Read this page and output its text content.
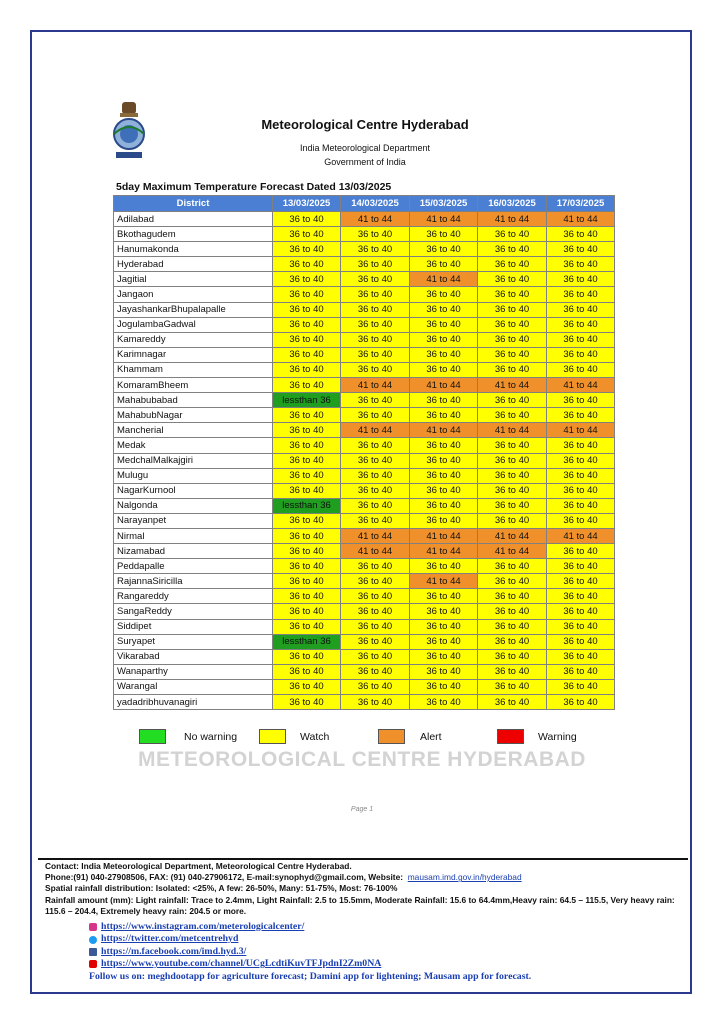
Meteorological Centre Hyderabad
India Meteorological Department
Government of India
5day Maximum Temperature Forecast Dated 13/03/2025
District	13/03/2025	14/03/2025	15/03/2025	16/03/2025	17/03/2025
Adilabad	36 to 40	41 to 44	41 to 44	41 to 44	41 to 44
Bkothagudem	36 to 40	36 to 40	36 to 40	36 to 40	36 to 40
Hanumakonda	36 to 40	36 to 40	36 to 40	36 to 40	36 to 40
Hyderabad	36 to 40	36 to 40	36 to 40	36 to 40	36 to 40
Jagitial	36 to 40	36 to 40	41 to 44	36 to 40	36 to 40
Jangaon	36 to 40	36 to 40	36 to 40	36 to 40	36 to 40
JayashankarBhupalapalle	36 to 40	36 to 40	36 to 40	36 to 40	36 to 40
JogulambaGadwal	36 to 40	36 to 40	36 to 40	36 to 40	36 to 40
Kamareddy	36 to 40	36 to 40	36 to 40	36 to 40	36 to 40
Karimnagar	36 to 40	36 to 40	36 to 40	36 to 40	36 to 40
Khammam	36 to 40	36 to 40	36 to 40	36 to 40	36 to 40
KomaramBheem	36 to 40	41 to 44	41 to 44	41 to 44	41 to 44
Mahabubabad	lessthan 36	36 to 40	36 to 40	36 to 40	36 to 40
MahabubNagar	36 to 40	36 to 40	36 to 40	36 to 40	36 to 40
Mancherial	36 to 40	41 to 44	41 to 44	41 to 44	41 to 44
Medak	36 to 40	36 to 40	36 to 40	36 to 40	36 to 40
MedchalMalkajgiri	36 to 40	36 to 40	36 to 40	36 to 40	36 to 40
Mulugu	36 to 40	36 to 40	36 to 40	36 to 40	36 to 40
NagarKurnool	36 to 40	36 to 40	36 to 40	36 to 40	36 to 40
Nalgonda	lessthan 36	36 to 40	36 to 40	36 to 40	36 to 40
Narayanpet	36 to 40	36 to 40	36 to 40	36 to 40	36 to 40
Nirmal	36 to 40	41 to 44	41 to 44	41 to 44	41 to 44
Nizamabad	36 to 40	41 to 44	41 to 44	41 to 44	36 to 40
Peddapalle	36 to 40	36 to 40	36 to 40	36 to 40	36 to 40
RajannaSiricilla	36 to 40	36 to 40	41 to 44	36 to 40	36 to 40
Rangareddy	36 to 40	36 to 40	36 to 40	36 to 40	36 to 40
SangaReddy	36 to 40	36 to 40	36 to 40	36 to 40	36 to 40
Siddipet	36 to 40	36 to 40	36 to 40	36 to 40	36 to 40
Suryapet	lessthan 36	36 to 40	36 to 40	36 to 40	36 to 40
Vikarabad	36 to 40	36 to 40	36 to 40	36 to 40	36 to 40
Wanaparthy	36 to 40	36 to 40	36 to 40	36 to 40	36 to 40
Warangal	36 to 40	36 to 40	36 to 40	36 to 40	36 to 40
yadadribhuvanagiri	36 to 40	36 to 40	36 to 40	36 to 40	36 to 40
No warning	Watch	Alert	Warning
METEOROLOGICAL CENTRE HYDERABAD
Page 1
Contact: India Meteorological Department, Meteorological Centre Hyderabad.
Phone:(91) 040-27908506, FAX: (91) 040-27906172, E-mail:synophyd@gmail.com, Website: mausam.imd.gov.in/hyderabad
Spatial rainfall distribution: Isolated: <25%, A few: 26-50%, Many: 51-75%, Most: 76-100%
Rainfall amount (mm): Light rainfall: Trace to 2.4mm, Light Rainfall: 2.5 to 15.5mm, Moderate Rainfall: 15.6 to 64.4mm,Heavy rain: 64.5 – 115.5, Very heavy rain: 115.6 – 204.4, Extremely heavy rain: 204.5 or more.
https://www.instagram.com/meterologicalcenter/
https://twitter.com/metcentrehyd
https://m.facebook.com/imd.hyd.3/
https://www.youtube.com/channel/UCgLcdtiKuvTFJpdnI2Zm0NA
Follow us on: meghdootapp for agriculture forecast; Damini app for lightening; Mausam app for forecast.
